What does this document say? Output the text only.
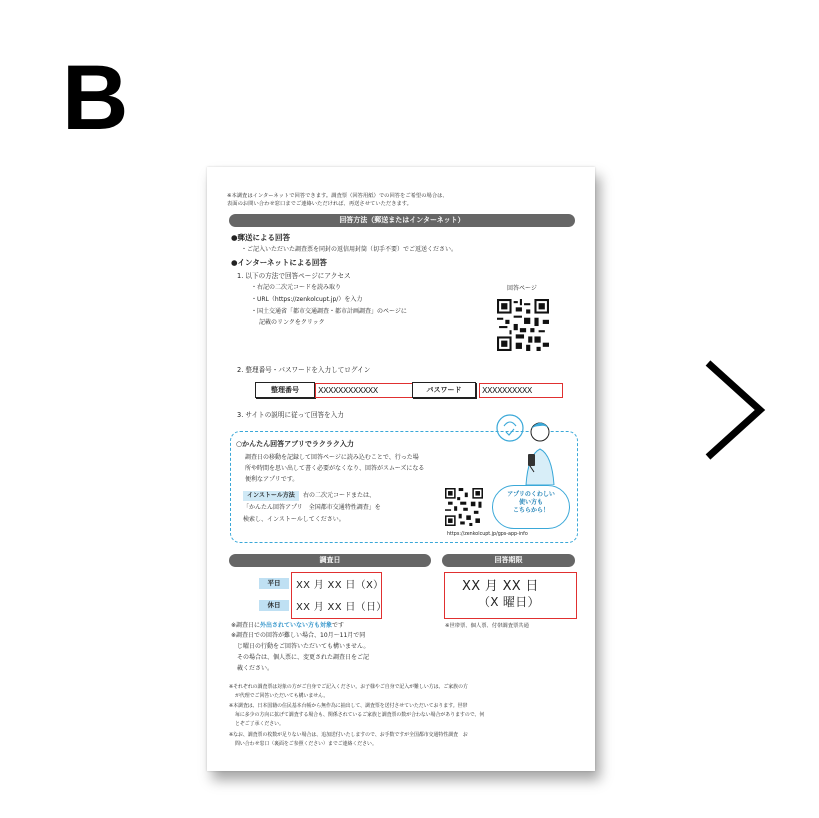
B
※本調査はインターネットで回答できます。調査票（回答用紙）での回答をご希望の場合は、
表面のお問い合わせ窓口までご連絡いただければ、再送させていただきます。
回答方法（郵送またはインターネット）
●郵送による回答
・ご記入いただいた調査票を同封の返信用封筒（切手不要）でご返送ください。
●インターネットによる回答
1. 以下の方法で回答ページにアクセス
・右記の二次元コードを読み取り
・URL（https://zenkolcupt.jp/）を入力
・国土交通省「都市交通調査・都市計画調査」のページに
記載のリンクをクリック
回答ページ
2. 整理番号・パスワードを入力してログイン
整理番号	XXXXXXXXXXXX	パスワード	XXXXXXXXXX
3. サイトの説明に従って回答を入力
○かんたん回答アプリでラクラク入力
調査日の移動を記録して回答ページに読み込むことで、行った場
所や時間を思い出して書く必要がなくなり、回答がスムーズになる
便利なアプリです。
インストール方法	右の二次元コードまたは、
「かんたん回答アプリ　全国都市交通特性調査」を
検索し、インストールしてください。
アプリのくわしい
使い方も
こちらから！
https://zenkolcupt.jp/gps-app-info
調査日	回答期限
平日	XX 月 XX 日（X）
休日	XX 月 XX 日（日）
XX 月 XX 日
（X 曜日）
※調査日に外出されていない方も対象です
※調査日での回答が難しい場合、10月～11月で同
じ曜日の行動をご回答いただいても構いません。
その場合は、個人票に、変更された調査日をご記
載ください。
※世帯票、個人票、付帯調査票共通
※それぞれの調査票は対象の方がご自身でご記入ください。お子様やご自身で記入が難しい方は、ご家族の方
が代理でご回答いただいても構いません。
※本調査は、日本国籍の住民基本台帳から無作為に抽出して、調査票を送付させていただいております。世帯
毎に多少の方向に拡げて調査する場合も、関係されているご家族と調査票の数が合わない場合がありますので、何
とぞご了承ください。
※なお、調査票の枚数が足りない場合は、追加送付いたしますので、お手数ですが全国都市交通特性調査　お
問い合わせ窓口（裏面をご参照ください）までご連絡ください。
